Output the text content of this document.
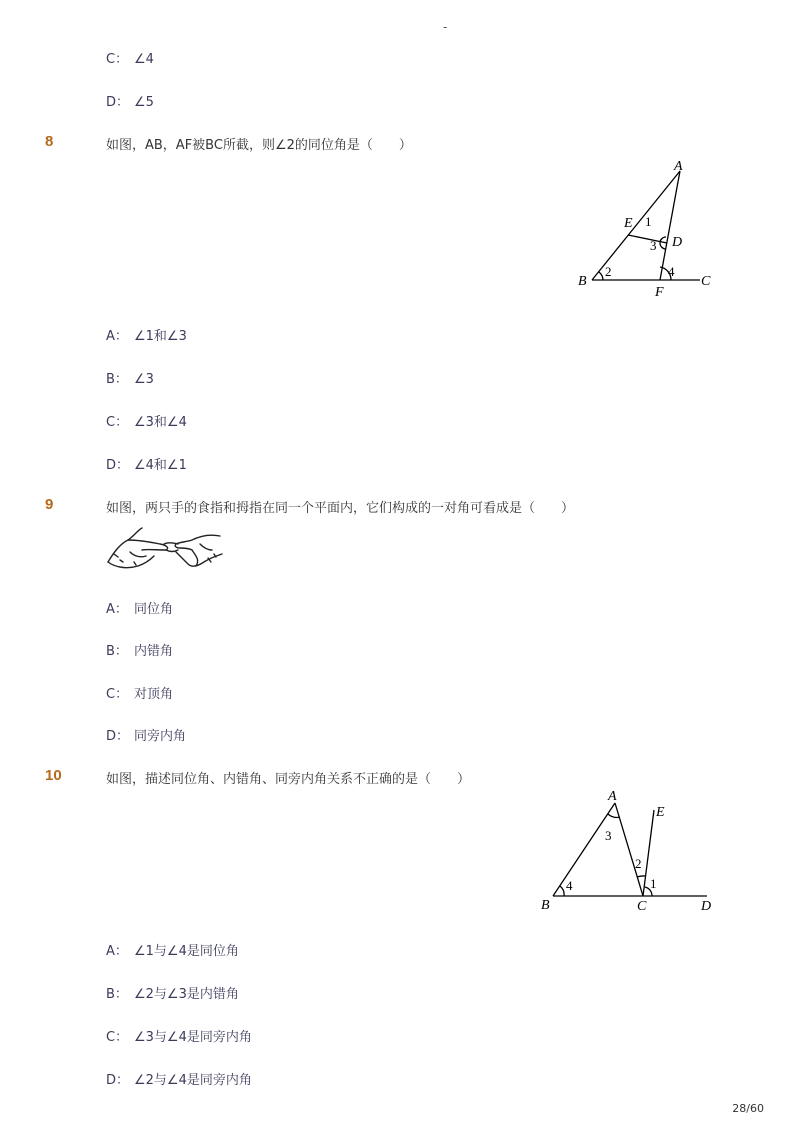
-
C： ∠4
D： ∠5
8	如图，AB，AF被BC所截，则∠2的同位角是（　　）
A
E
D
B
F
C
1
2
3
4
A： ∠1和∠3
B： ∠3
C： ∠3和∠4
D： ∠4和∠1
9	如图，两只手的食指和拇指在同一个平面内，它们构成的一对角可看成是（　　）
A： 同位角
B： 内错角
C： 对顶角
D： 同旁内角
10	如图，描述同位角、内错角、同旁内角关系不正确的是（　　）
A
E
B	C	D
1
2
3
4
A： ∠1与∠4是同位角
B： ∠2与∠3是内错角
C： ∠3与∠4是同旁内角
D： ∠2与∠4是同旁内角
28/60
